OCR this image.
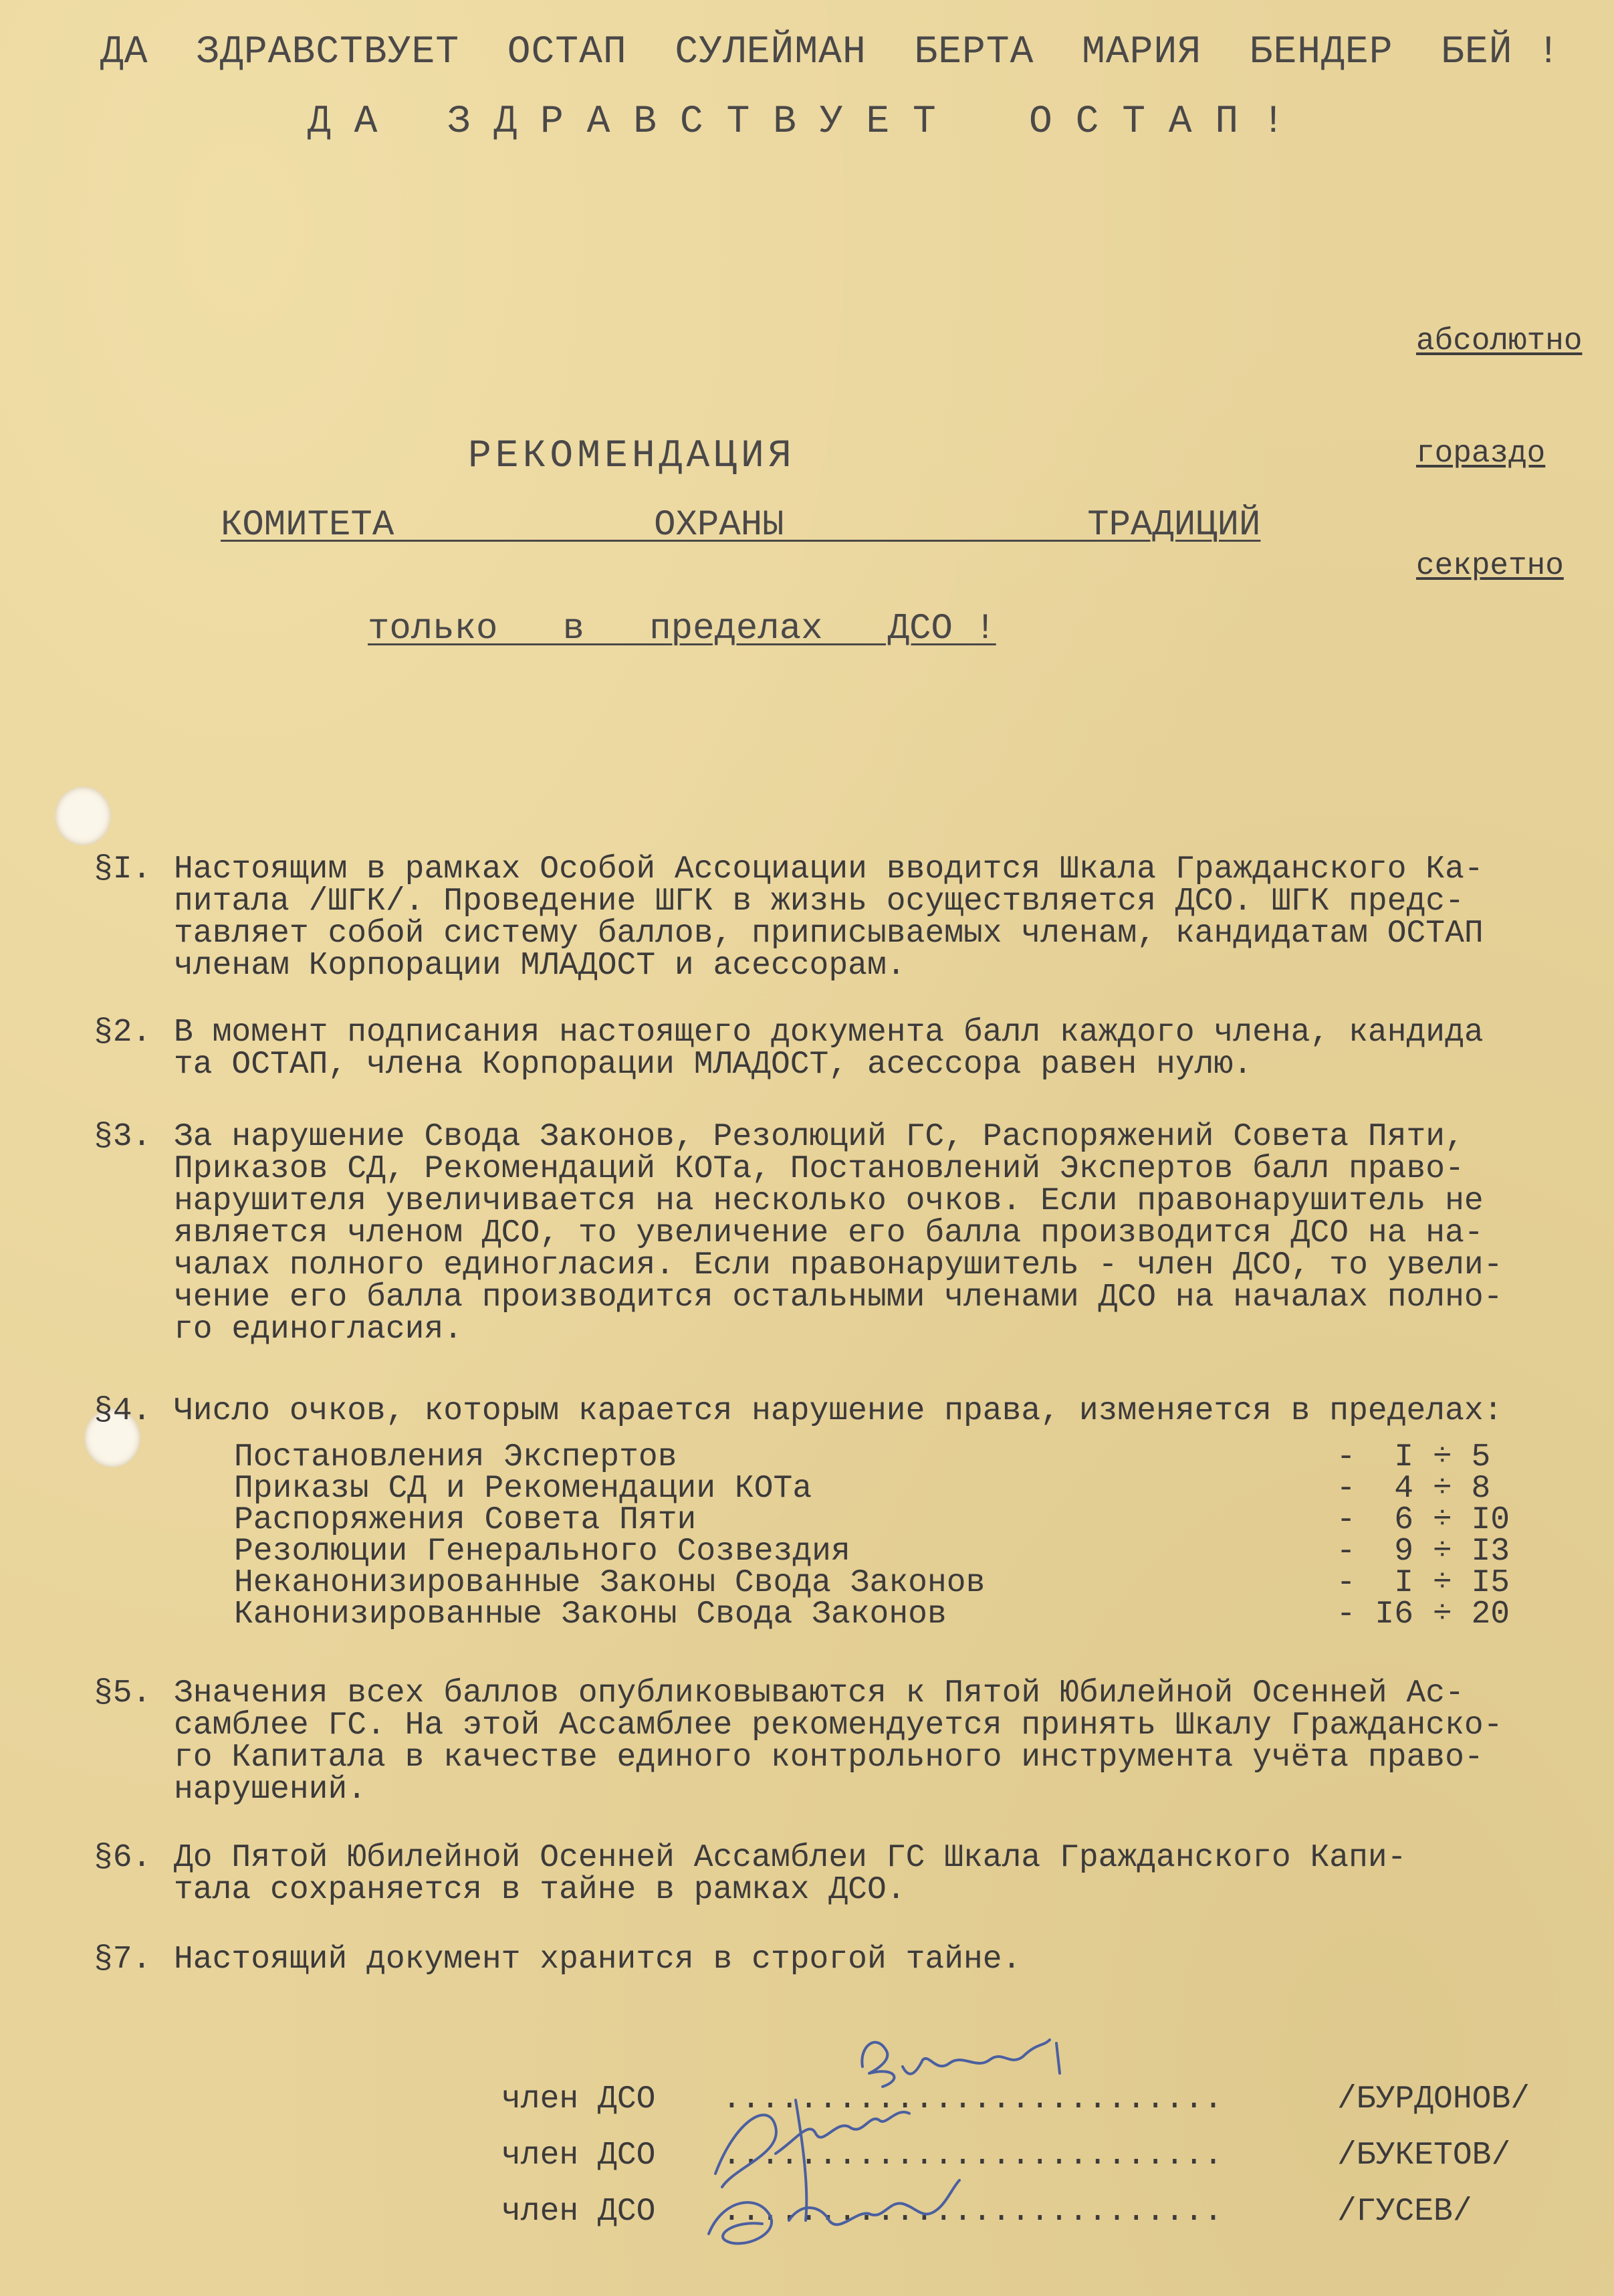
ДА  ЗДРАВСТВУЕТ  ОСТАП  СУЛЕЙМАН  БЕРТА  МАРИЯ  БЕНДЕР  БЕЙ !
Д А   З Д Р А В С Т В У Е Т    О С Т А П !

абсолютно

гораздо

секретно

РЕКОМЕНДАЦИЯ
КОМИТЕТА            ОХРАНЫ              ТРАДИЦИЙ
только   в   пределах   ДСО !
§I. Настоящим в рамках Особой Ассоциации вводится Шкала Гражданского Ка-
питала /ШГК/. Проведение ШГК в жизнь осуществляется ДСО. ШГК предс-
тавляет собой систему баллов, приписываемых членам, кандидатам ОСТАП
членам Корпорации МЛАДОСТ и асессорам.
§2. В момент подписания настоящего документа балл каждого члена, кандида
та ОСТАП, члена Корпорации МЛАДОСТ, асессора равен нулю.
§3. За нарушение Свода Законов, Резолюций ГС, Распоряжений Совета Пяти,
Приказов СД, Рекомендаций КОТа, Постановлений Экспертов балл право-
нарушителя увеличивается на несколько очков. Если правонарушитель не
является членом ДСО, то увеличение его балла производится ДСО на на-
чалах полного единогласия. Если правонарушитель - член ДСО, то увели-
чение его балла производится остальными членами ДСО на началах полно-
го единогласия.
§4. Число очков, которым карается нарушение права, изменяется в пределах:
Постановления Экспертов	-  I ÷ 5
Приказы СД и Рекомендации КОТа	-  4 ÷ 8
Распоряжения Совета Пяти	-  6 ÷ I0
Резолюции Генерального Созвездия	-  9 ÷ I3
Неканонизированные Законы Свода Законов	-  I ÷ I5
Канонизированные Законы Свода Законов	- I6 ÷ 20
§5. Значения всех баллов опубликовываются к Пятой Юбилейной Осенней Ас-
самблее ГС. На этой Ассамблее рекомендуется принять Шкалу Гражданско-
го Капитала в качестве единого контрольного инструмента учёта право-
нарушений.
§6. До Пятой Юбилейной Осенней Ассамблеи ГС Шкала Гражданского Капи-
тала сохраняется в тайне в рамках ДСО.
§7. Настоящий документ хранится в строгой тайне.
член ДСО ..........................	/БУРДОНОВ/
член ДСО ..........................	/БУКЕТОВ/
член ДСО ..........................	/ГУСЕВ/
